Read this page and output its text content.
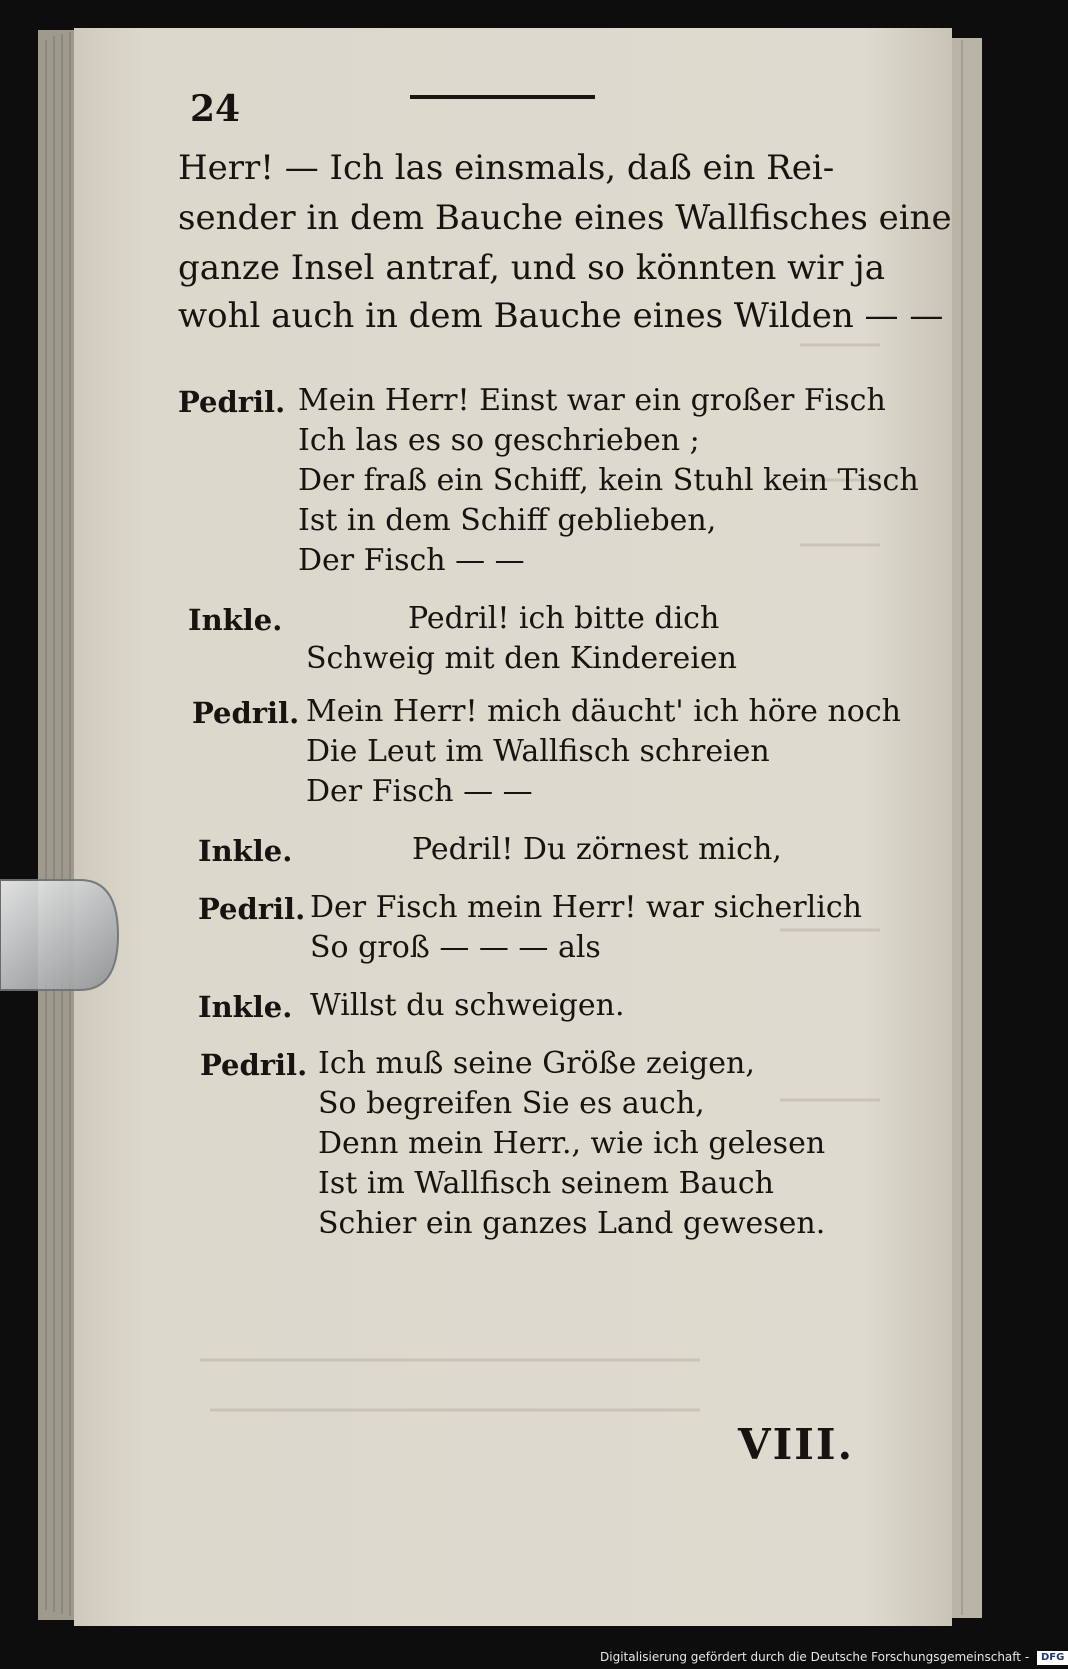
24
Herr! — Ich las einsmals, daß ein Rei-
sender in dem Bauche eines Wallfisches eine
ganze Insel antraf, und so könnten wir ja
wohl auch in dem Bauche eines Wilden — —
Pedril. Mein Herr! Einst war ein großer Fisch
Ich las es so geschrieben ;
Der fraß ein Schiff, kein Stuhl kein Tisch
Ist in dem Schiff geblieben,
Der Fisch — —
Inkle.	Pedril! ich bitte dich
Schweig mit den Kindereien
Pedril. Mein Herr! mich däucht' ich höre noch
Die Leut im Wallfisch schreien
Der Fisch — —
Inkle.	Pedril! Du zörnest mich,
Pedril. Der Fisch mein Herr! war sicherlich
So groß — — — als
Inkle. Willst du schweigen.
Pedril. Ich muß seine Größe zeigen,
So begreifen Sie es auch,
Denn mein Herr., wie ich gelesen
Ist im Wallfisch seinem Bauch
Schier ein ganzes Land gewesen.
VIII.
Digitalisierung gefördert durch die Deutsche Forschungsgemeinschaft - DFG
